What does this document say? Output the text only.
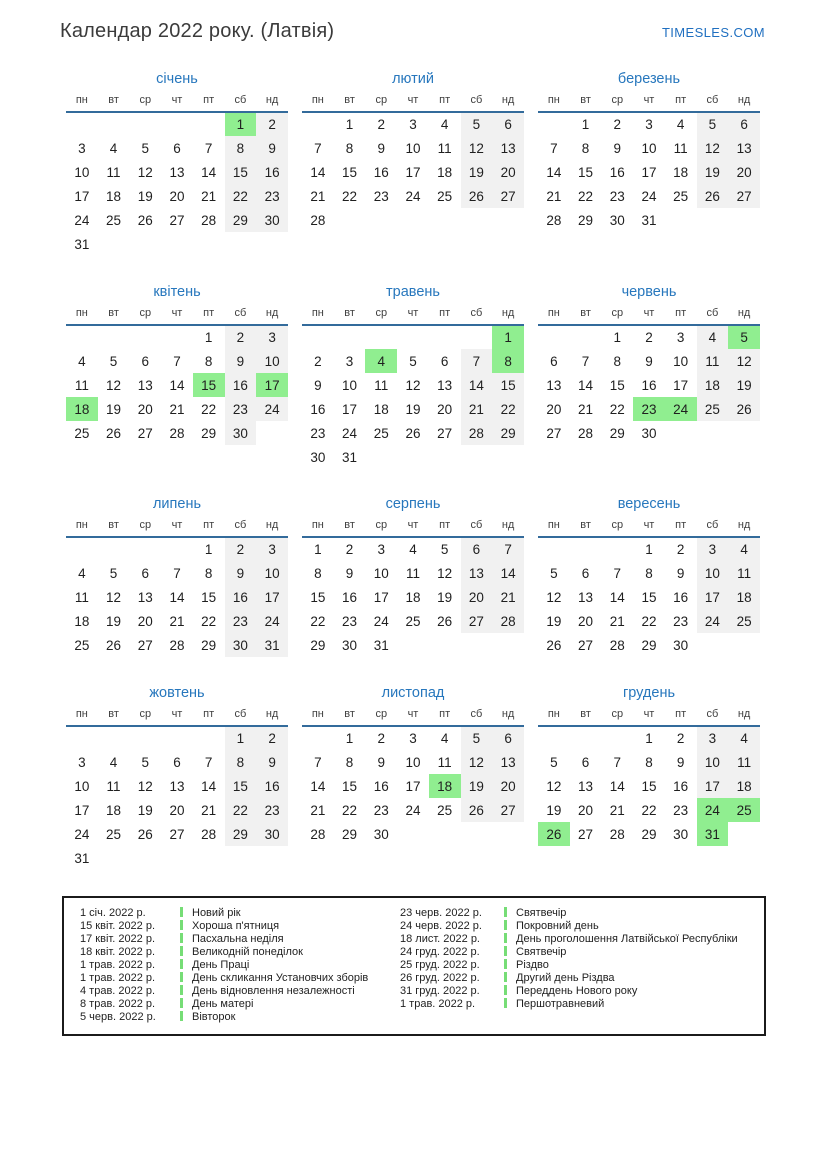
Календар 2022 року. (Латвія)	TIMESLES.COM
січень
пн	вт	ср	чт	пт	сб	нд
					1	2
3	4	5	6	7	8	9
10	11	12	13	14	15	16
17	18	19	20	21	22	23
24	25	26	27	28	29	30
31						
лютий
пн	вт	ср	чт	пт	сб	нд
	1	2	3	4	5	6
7	8	9	10	11	12	13
14	15	16	17	18	19	20
21	22	23	24	25	26	27
28						
березень
пн	вт	ср	чт	пт	сб	нд
	1	2	3	4	5	6
7	8	9	10	11	12	13
14	15	16	17	18	19	20
21	22	23	24	25	26	27
28	29	30	31			
квітень
пн	вт	ср	чт	пт	сб	нд
				1	2	3
4	5	6	7	8	9	10
11	12	13	14	15	16	17
18	19	20	21	22	23	24
25	26	27	28	29	30	
травень
пн	вт	ср	чт	пт	сб	нд
						1
2	3	4	5	6	7	8
9	10	11	12	13	14	15
16	17	18	19	20	21	22
23	24	25	26	27	28	29
30	31					
червень
пн	вт	ср	чт	пт	сб	нд
		1	2	3	4	5
6	7	8	9	10	11	12
13	14	15	16	17	18	19
20	21	22	23	24	25	26
27	28	29	30			
липень
пн	вт	ср	чт	пт	сб	нд
				1	2	3
4	5	6	7	8	9	10
11	12	13	14	15	16	17
18	19	20	21	22	23	24
25	26	27	28	29	30	31
серпень
пн	вт	ср	чт	пт	сб	нд
1	2	3	4	5	6	7
8	9	10	11	12	13	14
15	16	17	18	19	20	21
22	23	24	25	26	27	28
29	30	31				
вересень
пн	вт	ср	чт	пт	сб	нд
			1	2	3	4
5	6	7	8	9	10	11
12	13	14	15	16	17	18
19	20	21	22	23	24	25
26	27	28	29	30		
жовтень
пн	вт	ср	чт	пт	сб	нд
					1	2
3	4	5	6	7	8	9
10	11	12	13	14	15	16
17	18	19	20	21	22	23
24	25	26	27	28	29	30
31						
листопад
пн	вт	ср	чт	пт	сб	нд
	1	2	3	4	5	6
7	8	9	10	11	12	13
14	15	16	17	18	19	20
21	22	23	24	25	26	27
28	29	30				
грудень
пн	вт	ср	чт	пт	сб	нд
			1	2	3	4
5	6	7	8	9	10	11
12	13	14	15	16	17	18
19	20	21	22	23	24	25
26	27	28	29	30	31	
1 січ. 2022 р.	Новий рік	23 черв. 2022 р.	Святвечір
15 квіт. 2022 р.	Хороша п'ятниця	24 черв. 2022 р.	Покровний день
17 квіт. 2022 р.	Пасхальна неділя	18 лист. 2022 р.	День проголошення Латвійської Республіки
18 квіт. 2022 р.	Великодній понеділок	24 груд. 2022 р.	Святвечір
1 трав. 2022 р.	День Праці	25 груд. 2022 р.	Різдво
1 трав. 2022 р.	День скликання Установчих зборів	26 груд. 2022 р.	Другий день Різдва
4 трав. 2022 р.	День відновлення незалежності	31 груд. 2022 р.	Переддень Нового року
8 трав. 2022 р.	День матері	1 трав. 2022 р.	Першотравневий
5 черв. 2022 р.	Вівторок
